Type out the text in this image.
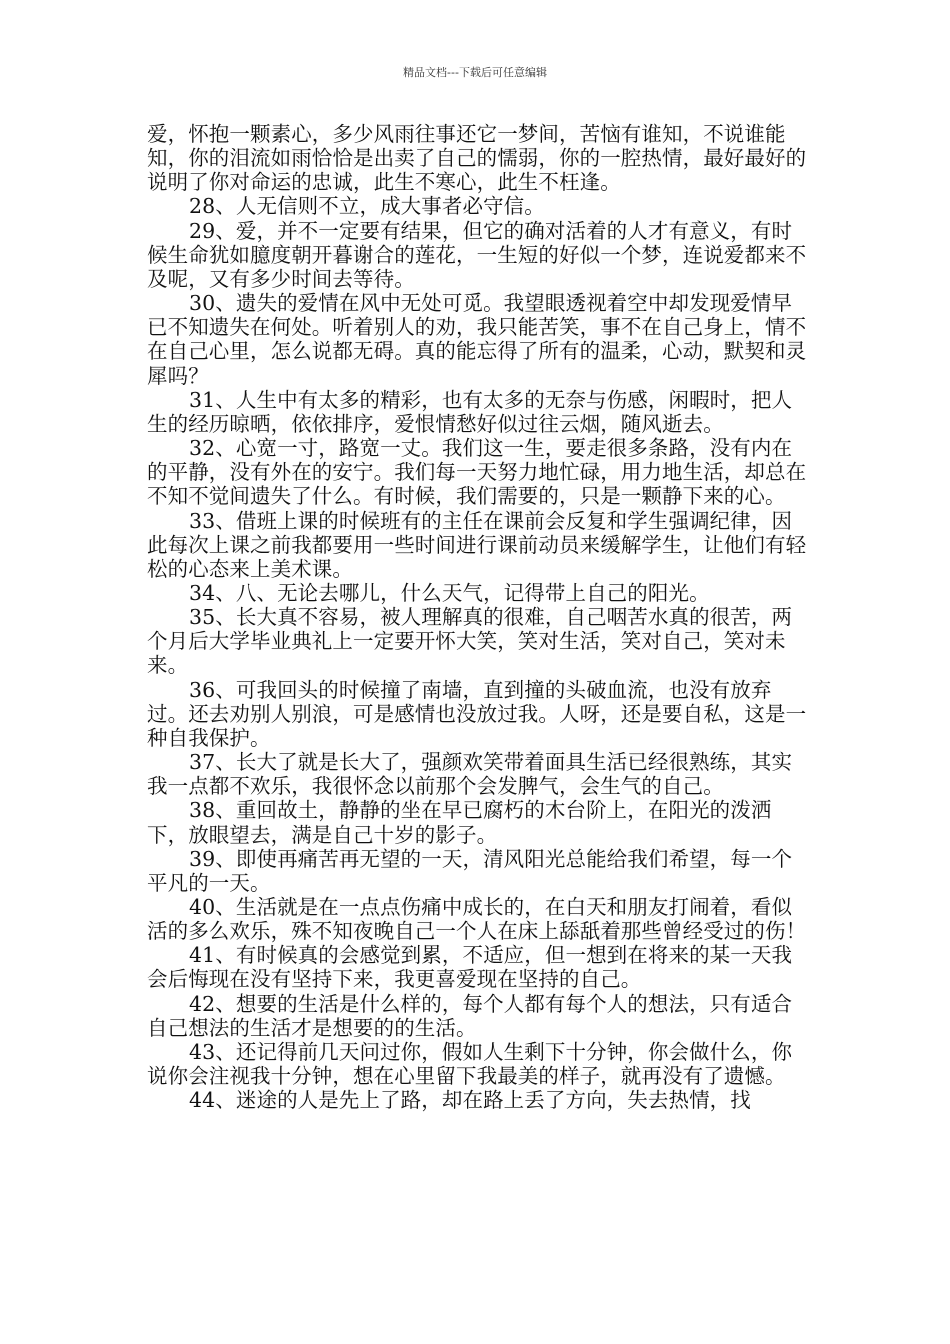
精品文档---下载后可任意编辑

爱，怀抱一颗素心，多少风雨往事还它一梦间，苦恼有谁知，不说谁能知，你的泪流如雨恰恰是出卖了自己的懦弱，你的一腔热情，最好最好的说明了你对命运的忠诚，此生不寒心，此生不枉逢。

28、人无信则不立，成大事者必守信。

29、爱，并不一定要有结果，但它的确对活着的人才有意义，有时候生命犹如臆度朝开暮谢合的莲花，一生短的好似一个梦，连说爱都来不及呢，又有多少时间去等待。

30、遗失的爱情在风中无处可觅。我望眼透视着空中却发现爱情早已不知遗失在何处。听着别人的劝，我只能苦笑，事不在自己身上，情不在自己心里，怎么说都无碍。真的能忘得了所有的温柔，心动，默契和灵犀吗？

31、人生中有太多的精彩，也有太多的无奈与伤感，闲暇时，把人生的经历晾晒，依依排序，爱恨情愁好似过往云烟，随风逝去。

32、心宽一寸，路宽一丈。我们这一生，要走很多条路，没有内在的平静，没有外在的安宁。我们每一天努力地忙碌，用力地生活，却总在不知不觉间遗失了什么。有时候，我们需要的，只是一颗静下来的心。

33、借班上课的时候班有的主任在课前会反复和学生强调纪律，因此每次上课之前我都要用一些时间进行课前动员来缓解学生，让他们有轻松的心态来上美术课。

34、八、无论去哪儿，什么天气，记得带上自己的阳光。

35、长大真不容易，被人理解真的很难，自己咽苦水真的很苦，两个月后大学毕业典礼上一定要开怀大笑，笑对生活，笑对自己，笑对未来。

36、可我回头的时候撞了南墙，直到撞的头破血流，也没有放弃过。还去劝别人别浪，可是感情也没放过我。人呀，还是要自私，这是一种自我保护。

37、长大了就是长大了，强颜欢笑带着面具生活已经很熟练，其实我一点都不欢乐，我很怀念以前那个会发脾气，会生气的自己。

38、重回故土，静静的坐在早已腐朽的木台阶上，在阳光的泼洒下，放眼望去，满是自己十岁的影子。

39、即使再痛苦再无望的一天，清风阳光总能给我们希望，每一个平凡的一天。

40、生活就是在一点点伤痛中成长的，在白天和朋友打闹着，看似活的多么欢乐，殊不知夜晚自己一个人在床上舔舐着那些曾经受过的伤！

41、有时候真的会感觉到累，不适应，但一想到在将来的某一天我会后悔现在没有坚持下来，我更喜爱现在坚持的自己。

42、想要的生活是什么样的，每个人都有每个人的想法，只有适合自己想法的生活才是想要的的生活。

43、还记得前几天问过你，假如人生剩下十分钟，你会做什么，你说你会注视我十分钟，想在心里留下我最美的样子，就再没有了遗憾。

44、迷途的人是先上了路，却在路上丢了方向，失去热情，找
